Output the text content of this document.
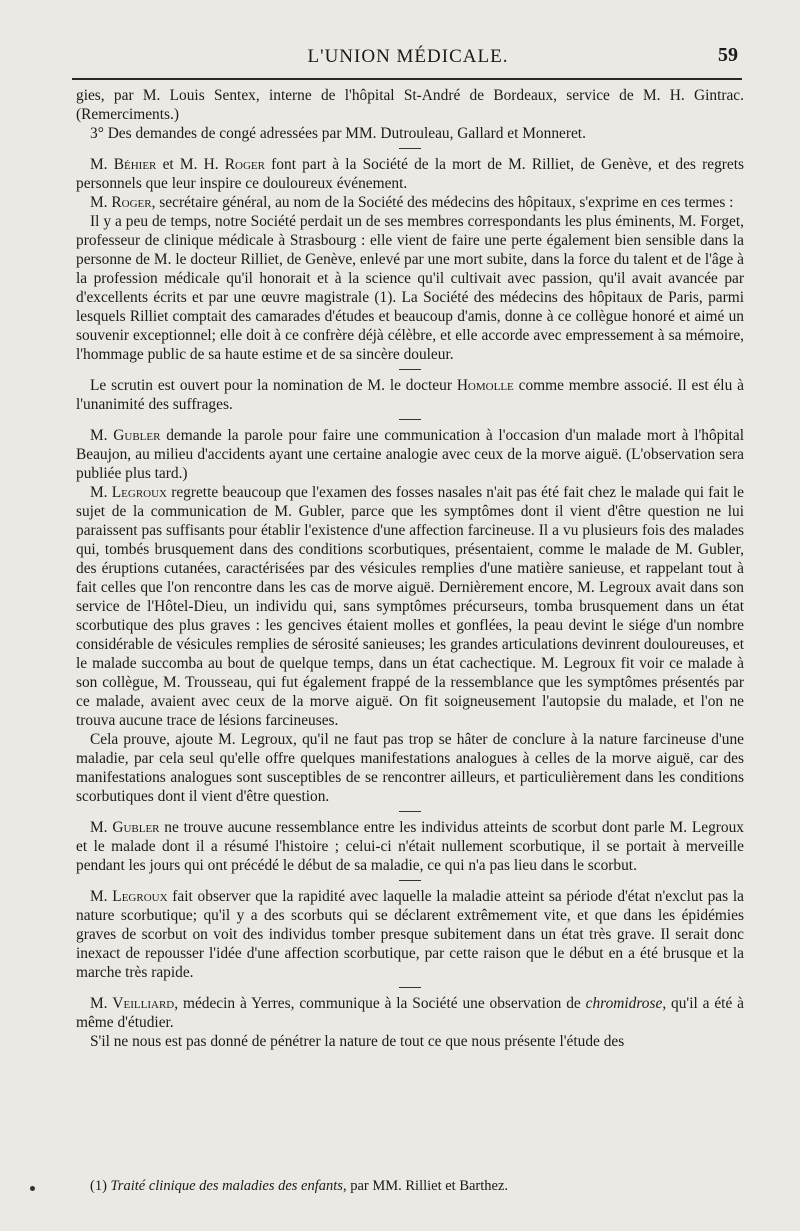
L'UNION MÉDICALE.	59

gies, par M. Louis Sentex, interne de l'hôpital St-André de Bordeaux, service de M. H. Gintrac. (Remerciments.)

3° Des demandes de congé adressées par MM. Dutrouleau, Gallard et Monneret.

M. Béhier et M. H. Roger font part à la Société de la mort de M. Rilliet, de Genève, et des regrets personnels que leur inspire ce douloureux événement.

M. Roger, secrétaire général, au nom de la Société des médecins des hôpitaux, s'exprime en ces termes :

Il y a peu de temps, notre Société perdait un de ses membres correspondants les plus éminents, M. Forget, professeur de clinique médicale à Strasbourg : elle vient de faire une perte également bien sensible dans la personne de M. le docteur Rilliet, de Genève, enlevé par une mort subite, dans la force du talent et de l'âge à la profession médicale qu'il honorait et à la science qu'il cultivait avec passion, qu'il avait avancée par d'excellents écrits et par une œuvre magistrale (1). La Société des médecins des hôpitaux de Paris, parmi lesquels Rilliet comptait des camarades d'études et beaucoup d'amis, donne à ce collègue honoré et aimé un souvenir exceptionnel; elle doit à ce confrère déjà célèbre, et elle accorde avec empressement à sa mémoire, l'hommage public de sa haute estime et de sa sincère douleur.

Le scrutin est ouvert pour la nomination de M. le docteur Homolle comme membre associé. Il est élu à l'unanimité des suffrages.

M. Gubler demande la parole pour faire une communication à l'occasion d'un malade mort à l'hôpital Beaujon, au milieu d'accidents ayant une certaine analogie avec ceux de la morve aiguë. (L'observation sera publiée plus tard.)

M. Legroux regrette beaucoup que l'examen des fosses nasales n'ait pas été fait chez le malade qui fait le sujet de la communication de M. Gubler, parce que les symptômes dont il vient d'être question ne lui paraissent pas suffisants pour établir l'existence d'une affection farcineuse. Il a vu plusieurs fois des malades qui, tombés brusquement dans des conditions scorbutiques, présentaient, comme le malade de M. Gubler, des éruptions cutanées, caractérisées par des vésicules remplies d'une matière sanieuse, et rappelant tout à fait celles que l'on rencontre dans les cas de morve aiguë. Dernièrement encore, M. Legroux avait dans son service de l'Hôtel-Dieu, un individu qui, sans symptômes précurseurs, tomba brusquement dans un état scorbutique des plus graves : les gencives étaient molles et gonflées, la peau devint le siége d'un nombre considérable de vésicules remplies de sérosité sanieuses; les grandes articulations devinrent douloureuses, et le malade succomba au bout de quelque temps, dans un état cachectique. M. Legroux fit voir ce malade à son collègue, M. Trousseau, qui fut également frappé de la ressemblance que les symptômes présentés par ce malade, avaient avec ceux de la morve aiguë. On fit soigneusement l'autopsie du malade, et l'on ne trouva aucune trace de lésions farcineuses.

Cela prouve, ajoute M. Legroux, qu'il ne faut pas trop se hâter de conclure à la nature farcineuse d'une maladie, par cela seul qu'elle offre quelques manifestations analogues à celles de la morve aiguë, car des manifestations analogues sont susceptibles de se rencontrer ailleurs, et particulièrement dans les conditions scorbutiques dont il vient d'être question.

M. Gubler ne trouve aucune ressemblance entre les individus atteints de scorbut dont parle M. Legroux et le malade dont il a résumé l'histoire ; celui-ci n'était nullement scorbutique, il se portait à merveille pendant les jours qui ont précédé le début de sa maladie, ce qui n'a pas lieu dans le scorbut.

M. Legroux fait observer que la rapidité avec laquelle la maladie atteint sa période d'état n'exclut pas la nature scorbutique; qu'il y a des scorbuts qui se déclarent extrêmement vite, et que dans les épidémies graves de scorbut on voit des individus tomber presque subitement dans un état très grave. Il serait donc inexact de repousser l'idée d'une affection scorbutique, par cette raison que le début en a été brusque et la marche très rapide.

M. Veilliard, médecin à Yerres, communique à la Société une observation de chromidrose, qu'il a été à même d'étudier.

S'il ne nous est pas donné de pénétrer la nature de tout ce que nous présente l'étude des

(1) Traité clinique des maladies des enfants, par MM. Rilliet et Barthez.
